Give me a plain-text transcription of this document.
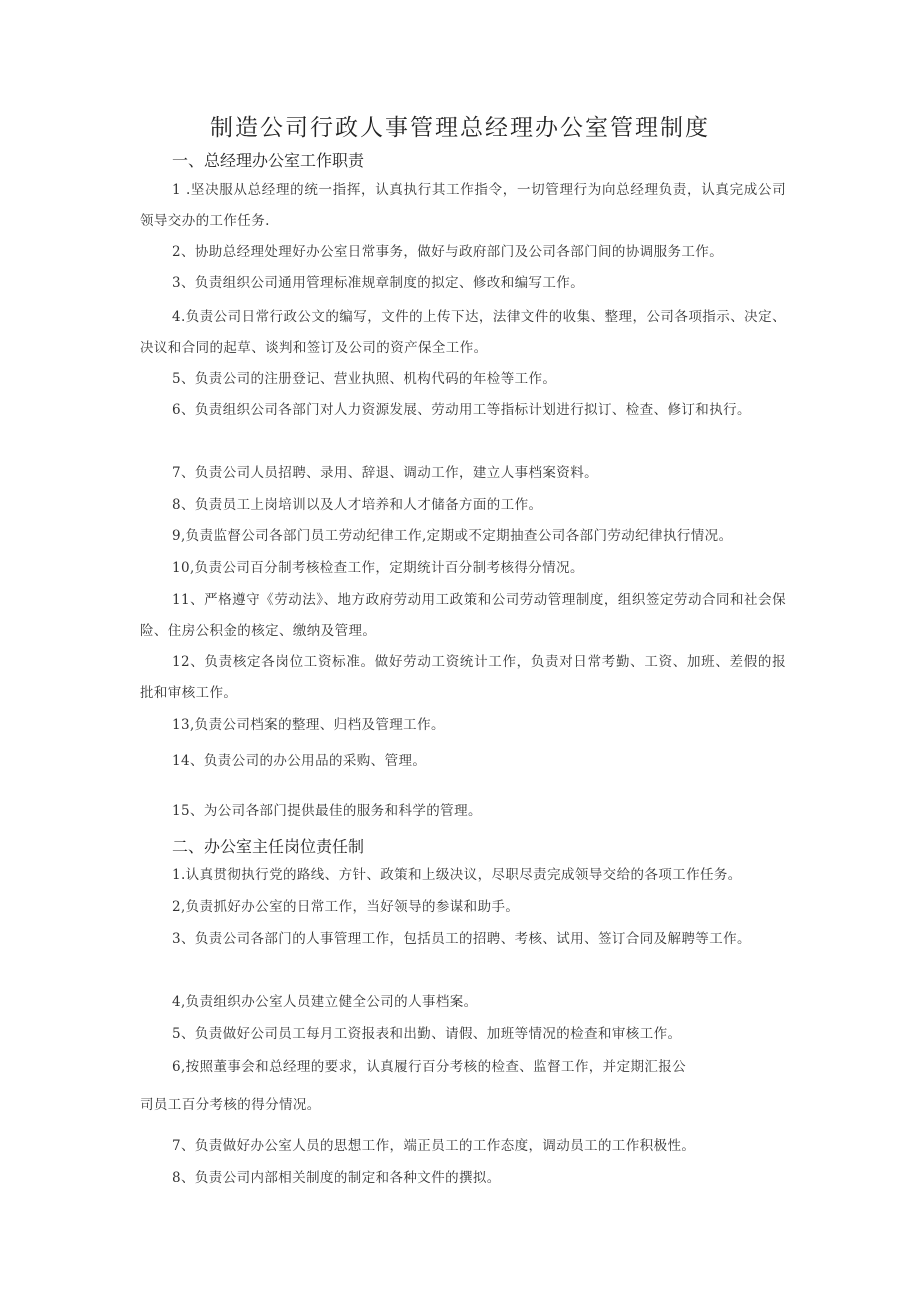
制造公司行政人事管理总经理办公室管理制度
一、总经理办公室工作职责

1 .坚决服从总经理的统一指挥，认真执行其工作指令，一切管理行为向总经理负责，认真完成公司领导交办的工作任务.

2、协助总经理处理好办公室日常事务，做好与政府部门及公司各部门间的协调服务工作。

3、负责组织公司通用管理标准规章制度的拟定、修改和编写工作。

4.负责公司日常行政公文的编写，文件的上传下达，法律文件的收集、整理，公司各项指示、决定、决议和合同的起草、谈判和签订及公司的资产保全工作。

5、负责公司的注册登记、营业执照、机构代码的年检等工作。

6、负责组织公司各部门对人力资源发展、劳动用工等指标计划进行拟订、检查、修订和执行。

7、负责公司人员招聘、录用、辞退、调动工作，建立人事档案资料。

8、负责员工上岗培训以及人才培养和人才储备方面的工作。

9,负责监督公司各部门员工劳动纪律工作,定期或不定期抽查公司各部门劳动纪律执行情况。

10,负责公司百分制考核检查工作，定期统计百分制考核得分情况。

11、严格遵守《劳动法》、地方政府劳动用工政策和公司劳动管理制度，组织签定劳动合同和社会保险、住房公积金的核定、缴纳及管理。

12、负责核定各岗位工资标准。做好劳动工资统计工作，负责对日常考勤、工资、加班、差假的报批和审核工作。

13,负责公司档案的整理、归档及管理工作。

14、负责公司的办公用品的采购、管理。

15、为公司各部门提供最佳的服务和科学的管理。

二、办公室主任岗位责任制

1.认真贯彻执行党的路线、方针、政策和上级决议，尽职尽责完成领导交给的各项工作任务。

2,负责抓好办公室的日常工作，当好领导的参谋和助手。

3、负责公司各部门的人事管理工作，包括员工的招聘、考核、试用、签订合同及解聘等工作。

4,负责组织办公室人员建立健全公司的人事档案。

5、负责做好公司员工每月工资报表和出勤、请假、加班等情况的检查和审核工作。

6,按照董事会和总经理的要求，认真履行百分考核的检查、监督工作，并定期汇报公

司员工百分考核的得分情况。

7、负责做好办公室人员的思想工作，端正员工的工作态度，调动员工的工作积极性。

8、负责公司内部相关制度的制定和各种文件的撰拟。
